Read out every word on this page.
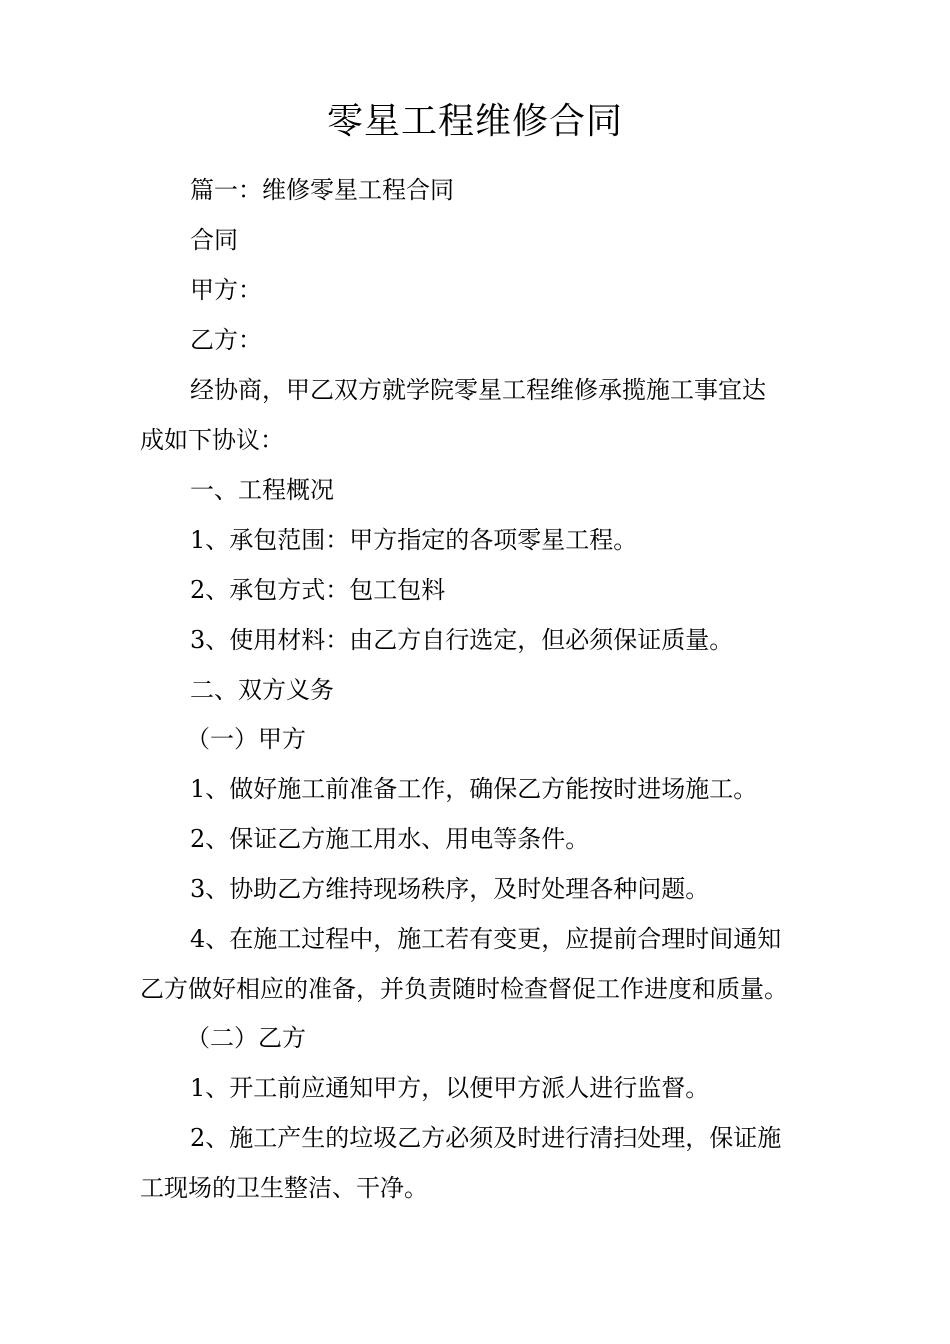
零星工程维修合同
篇一：维修零星工程合同
合同
甲方：
乙方：
经协商，甲乙双方就学院零星工程维修承揽施工事宜达
成如下协议：
一、工程概况
1、承包范围：甲方指定的各项零星工程。
2、承包方式：包工包料
3、使用材料：由乙方自行选定，但必须保证质量。
二、双方义务
（一）甲方
1、做好施工前准备工作，确保乙方能按时进场施工。
2、保证乙方施工用水、用电等条件。
3、协助乙方维持现场秩序，及时处理各种问题。
4、在施工过程中，施工若有变更，应提前合理时间通知
乙方做好相应的准备，并负责随时检查督促工作进度和质量。
（二）乙方
1、开工前应通知甲方，以便甲方派人进行监督。
2、施工产生的垃圾乙方必须及时进行清扫处理，保证施
工现场的卫生整洁、干净。
